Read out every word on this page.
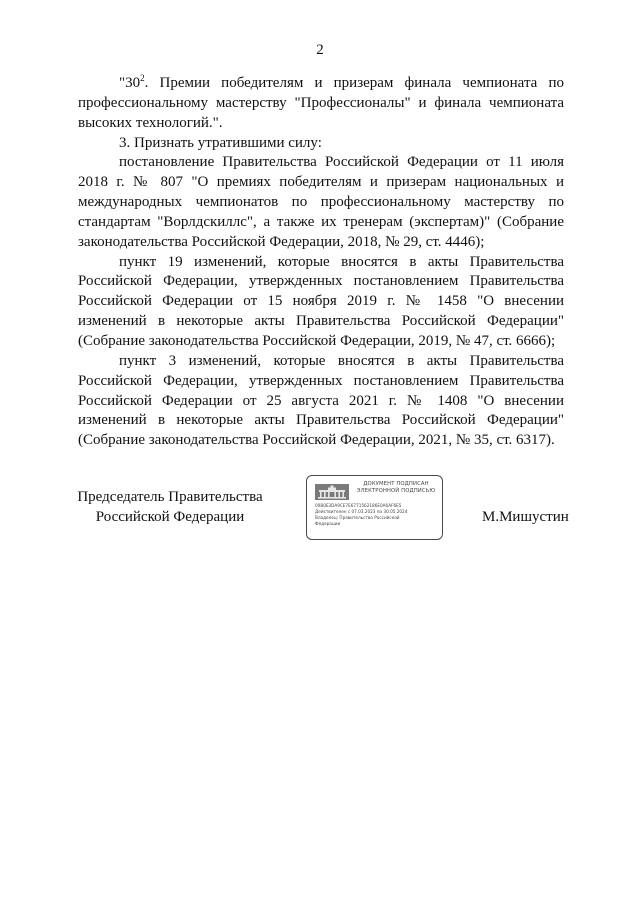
2

"$30^2$. Премии победителям и призерам финала чемпионата по профессиональному мастерству "Профессионалы" и финала чемпионата высоких технологий.".

3. Признать утратившими силу:

постановление Правительства Российской Федерации от 11 июля 2018 г. № 807 "О премиях победителям и призерам национальных и международных чемпионатов по профессиональному мастерству по стандартам "Ворлдскиллс", а также их тренерам (экспертам)" (Собрание законодательства Российской Федерации, 2018, № 29, ст. 4446);

пункт 19 изменений, которые вносятся в акты Правительства Российской Федерации, утвержденных постановлением Правительства Российской Федерации от 15 ноября 2019 г. № 1458 "О внесении изменений в некоторые акты Правительства Российской Федерации" (Собрание законодательства Российской Федерации, 2019, № 47, ст. 6666);

пункт 3 изменений, которые вносятся в акты Правительства Российской Федерации, утвержденных постановлением Правительства Российской Федерации от 25 августа 2021 г. № 1408 "О внесении изменений в некоторые акты Правительства Российской Федерации" (Собрание законодательства Российской Федерации, 2021, № 35, ст. 6317).

Председатель Правительства
Российской Федерации
ДОКУМЕНТ ПОДПИСАН
ЭЛЕКТРОННОЙ ПОДПИСЬЮ
00B0E3DA9CE7E6771562186E0A6AF6E5
Действителен с 07.03.2023 по 30.05.2024
Владелец: Правительство Российской
Федерации	М.Мишустин
